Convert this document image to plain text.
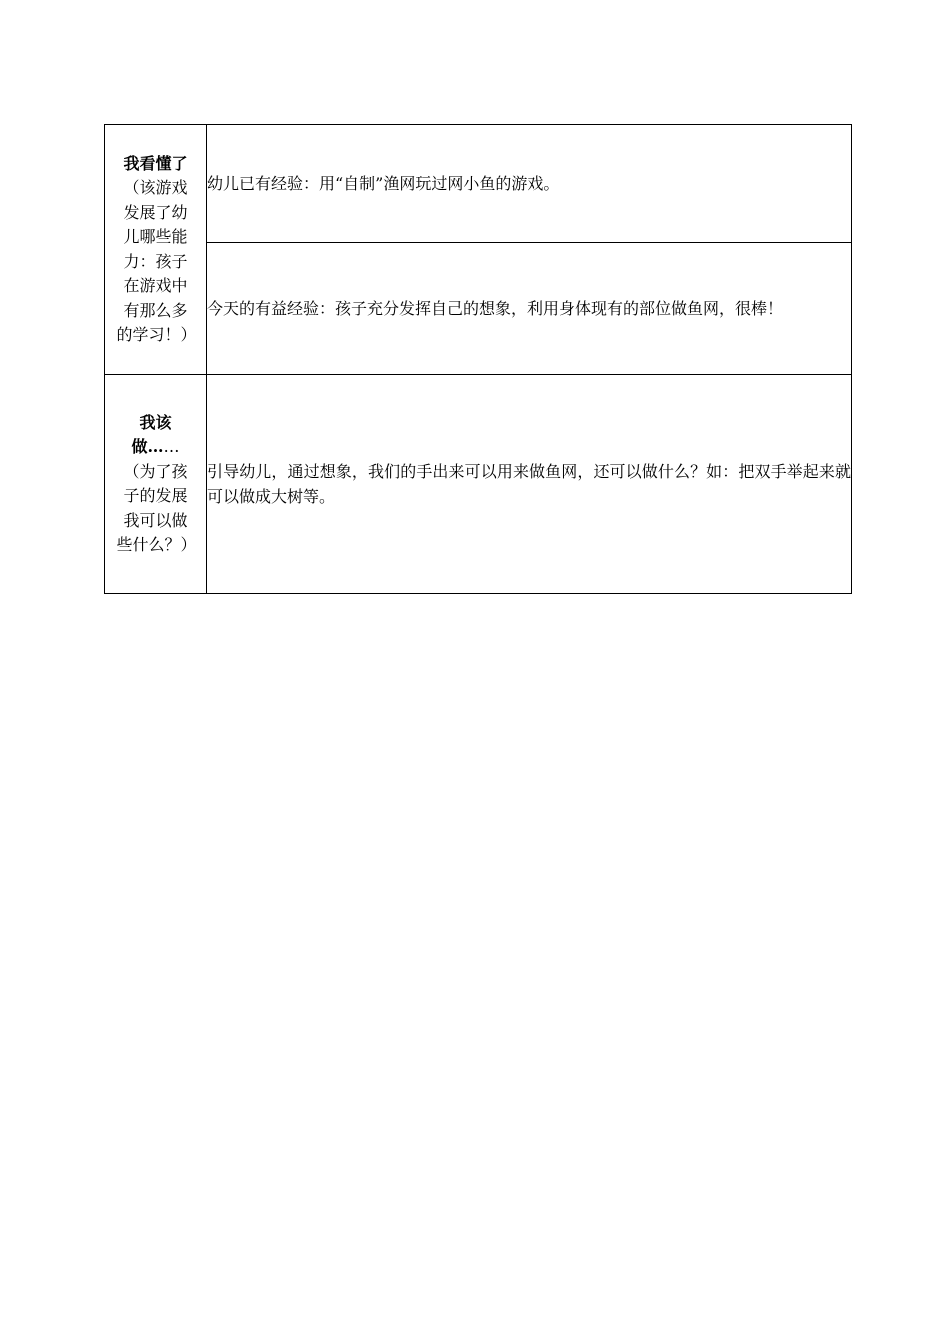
我看懂了（该游戏发展了幼儿哪些能力：孩子在游戏中有那么多的学习！）	幼儿已有经验：用“自制”渔网玩过网小鱼的游戏。
	今天的有益经验：孩子充分发挥自己的想象，利用身体现有的部位做鱼网，很棒！

我该做……（为了孩子的发展我可以做些什么？）	引导幼儿，通过想象，我们的手出来可以用来做鱼网，还可以做什么？如：把双手举起来就可以做成大树等。
